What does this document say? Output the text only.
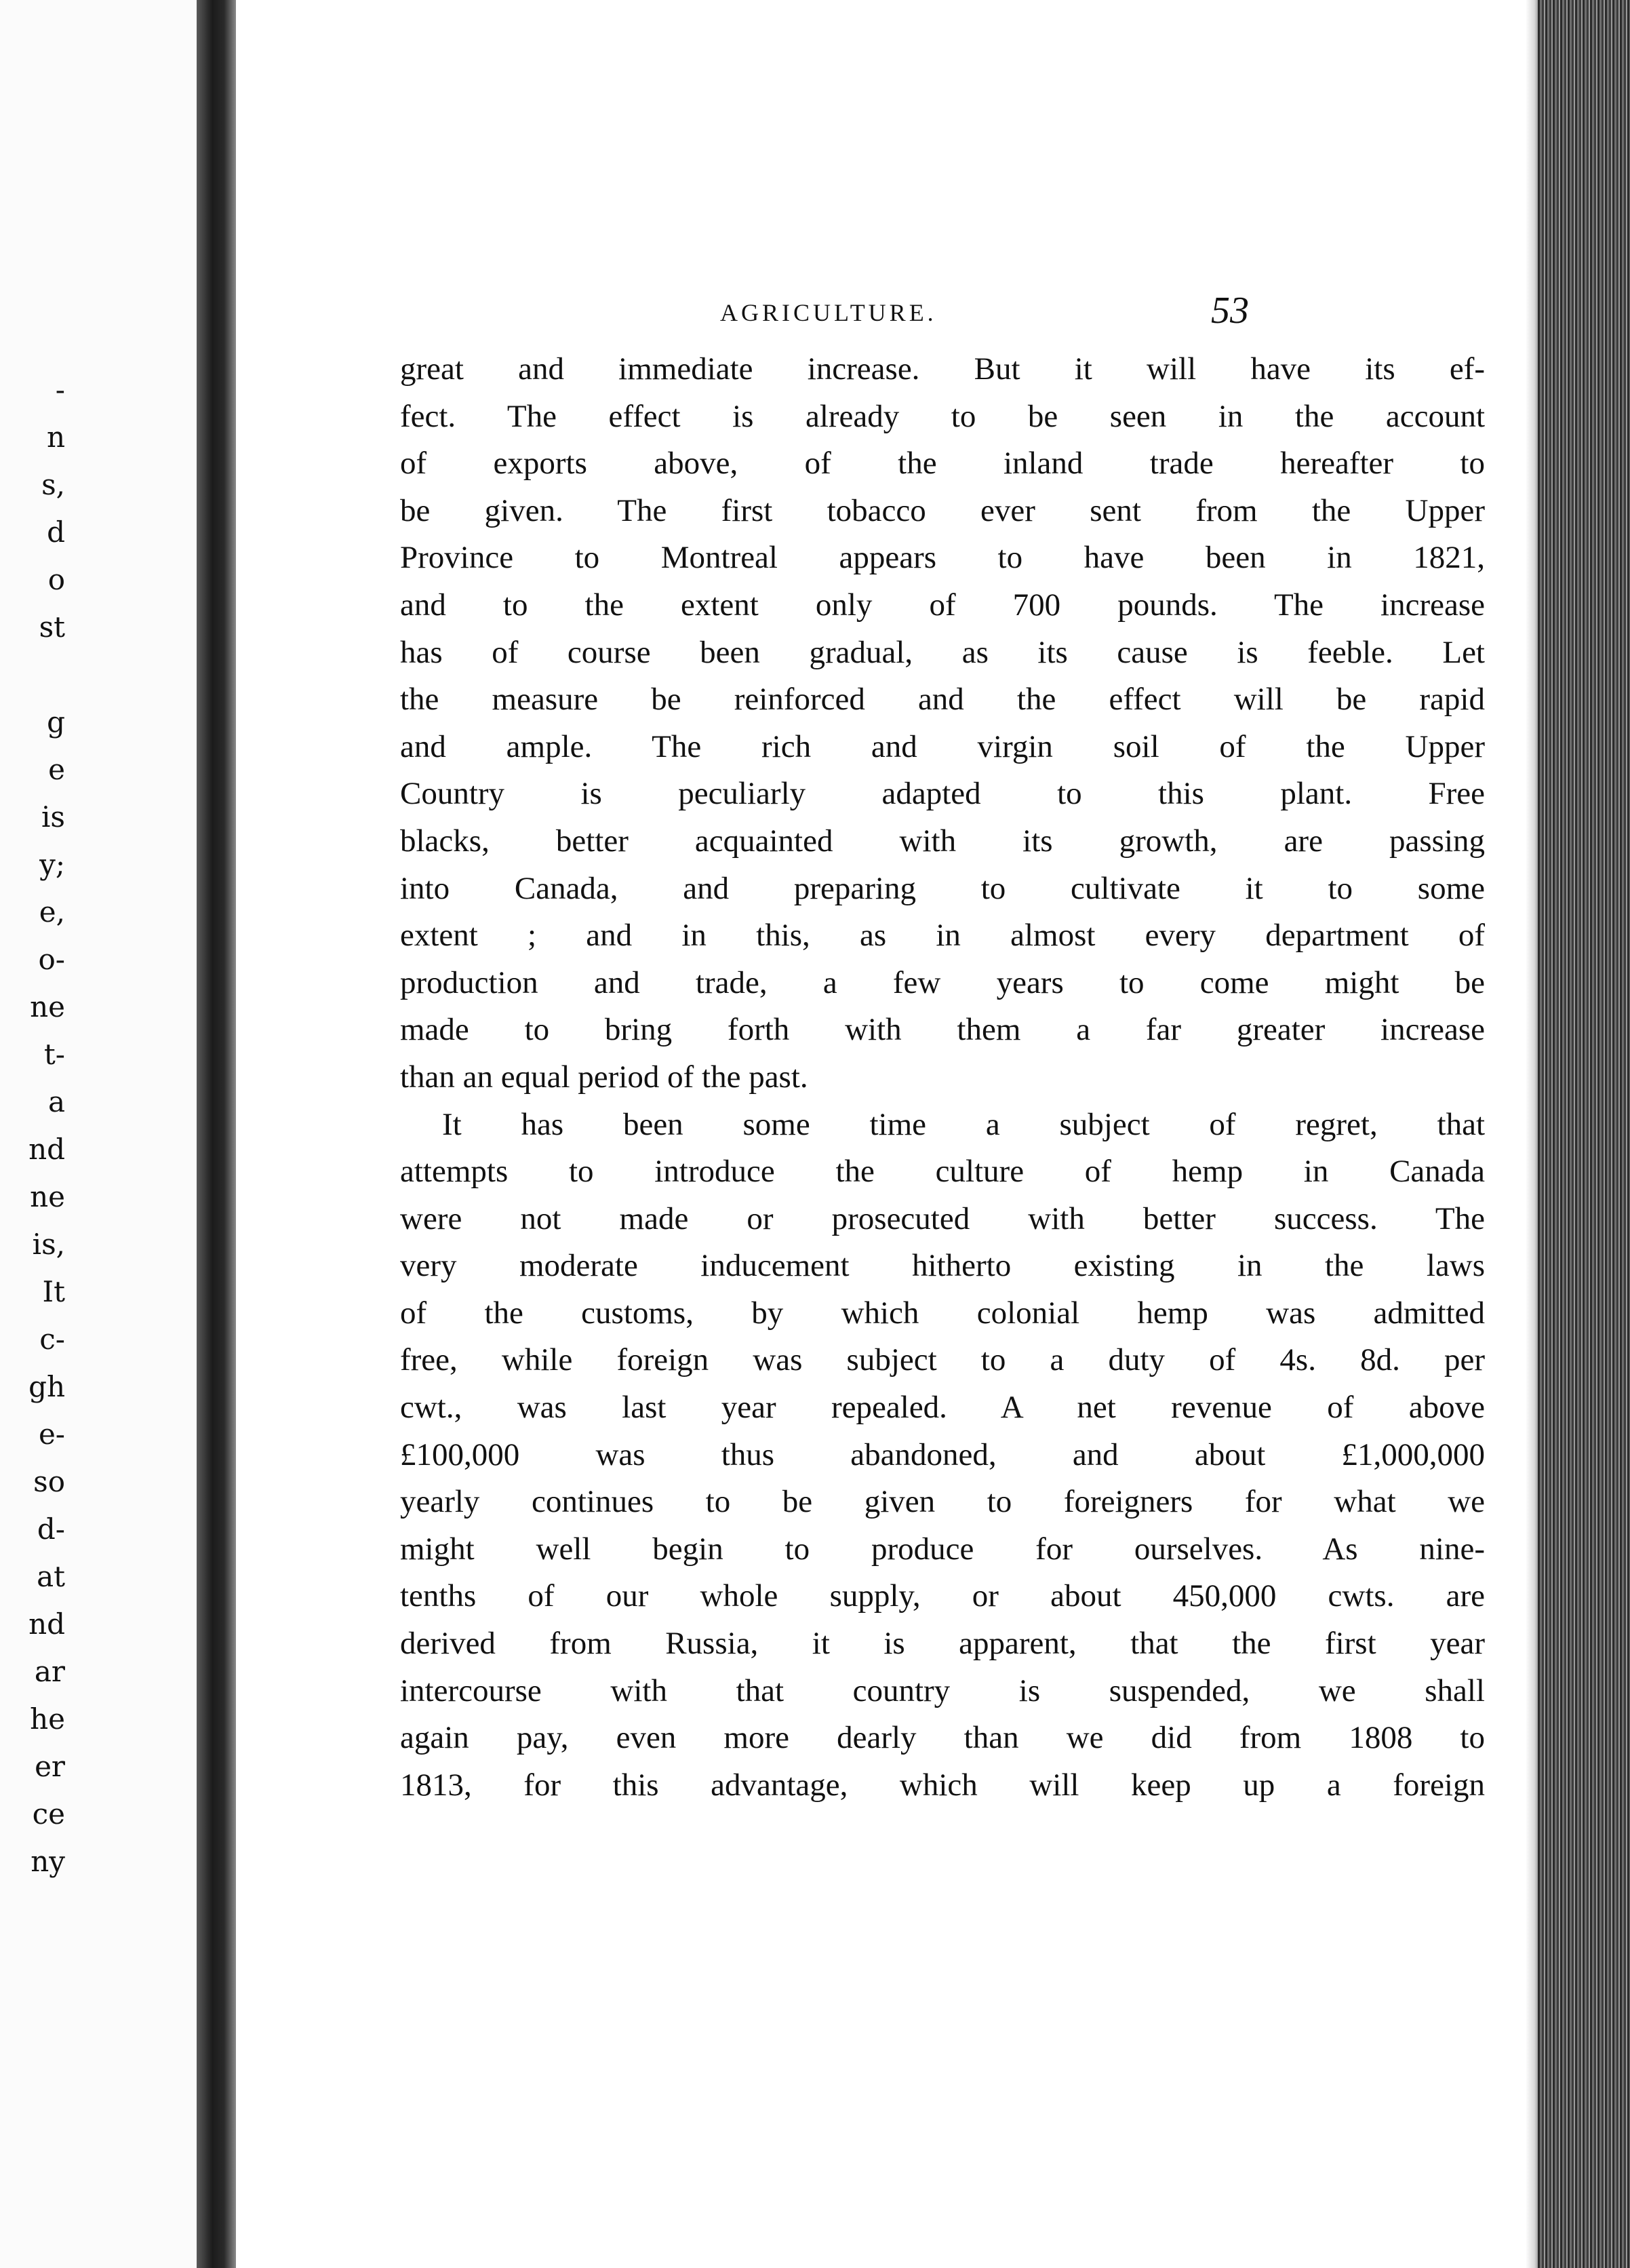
-
n
s,
d
o
st
g
e
is
y;
e,
o-
ne
t-
a
nd
ne
is,
It
c-
gh
e-
so
d-
at
nd
ar
he
er
ce
ny
AGRICULTURE.	53
great and immediate increase. But it will have its ef-
fect. The effect is already to be seen in the account
of exports above, of the inland trade hereafter to
be given. The first tobacco ever sent from the Upper
Province to Montreal appears to have been in 1821,
and to the extent only of 700 pounds. The increase
has of course been gradual, as its cause is feeble. Let
the measure be reinforced and the effect will be rapid
and ample. The rich and virgin soil of the Upper
Country is peculiarly adapted to this plant. Free
blacks, better acquainted with its growth, are passing
into Canada, and preparing to cultivate it to some
extent ; and in this, as in almost every department of
production and trade, a few years to come might be
made to bring forth with them a far greater increase
than an equal period of the past.
It has been some time a subject of regret, that
attempts to introduce the culture of hemp in Canada
were not made or prosecuted with better success. The
very moderate inducement hitherto existing in the laws
of the customs, by which colonial hemp was admitted
free, while foreign was subject to a duty of 4s. 8d. per
cwt., was last year repealed. A net revenue of above
£100,000 was thus abandoned, and about £1,000,000
yearly continues to be given to foreigners for what we
might well begin to produce for ourselves. As nine-
tenths of our whole supply, or about 450,000 cwts. are
derived from Russia, it is apparent, that the first year
intercourse with that country is suspended, we shall
again pay, even more dearly than we did from 1808 to
1813, for this advantage, which will keep up a foreign
